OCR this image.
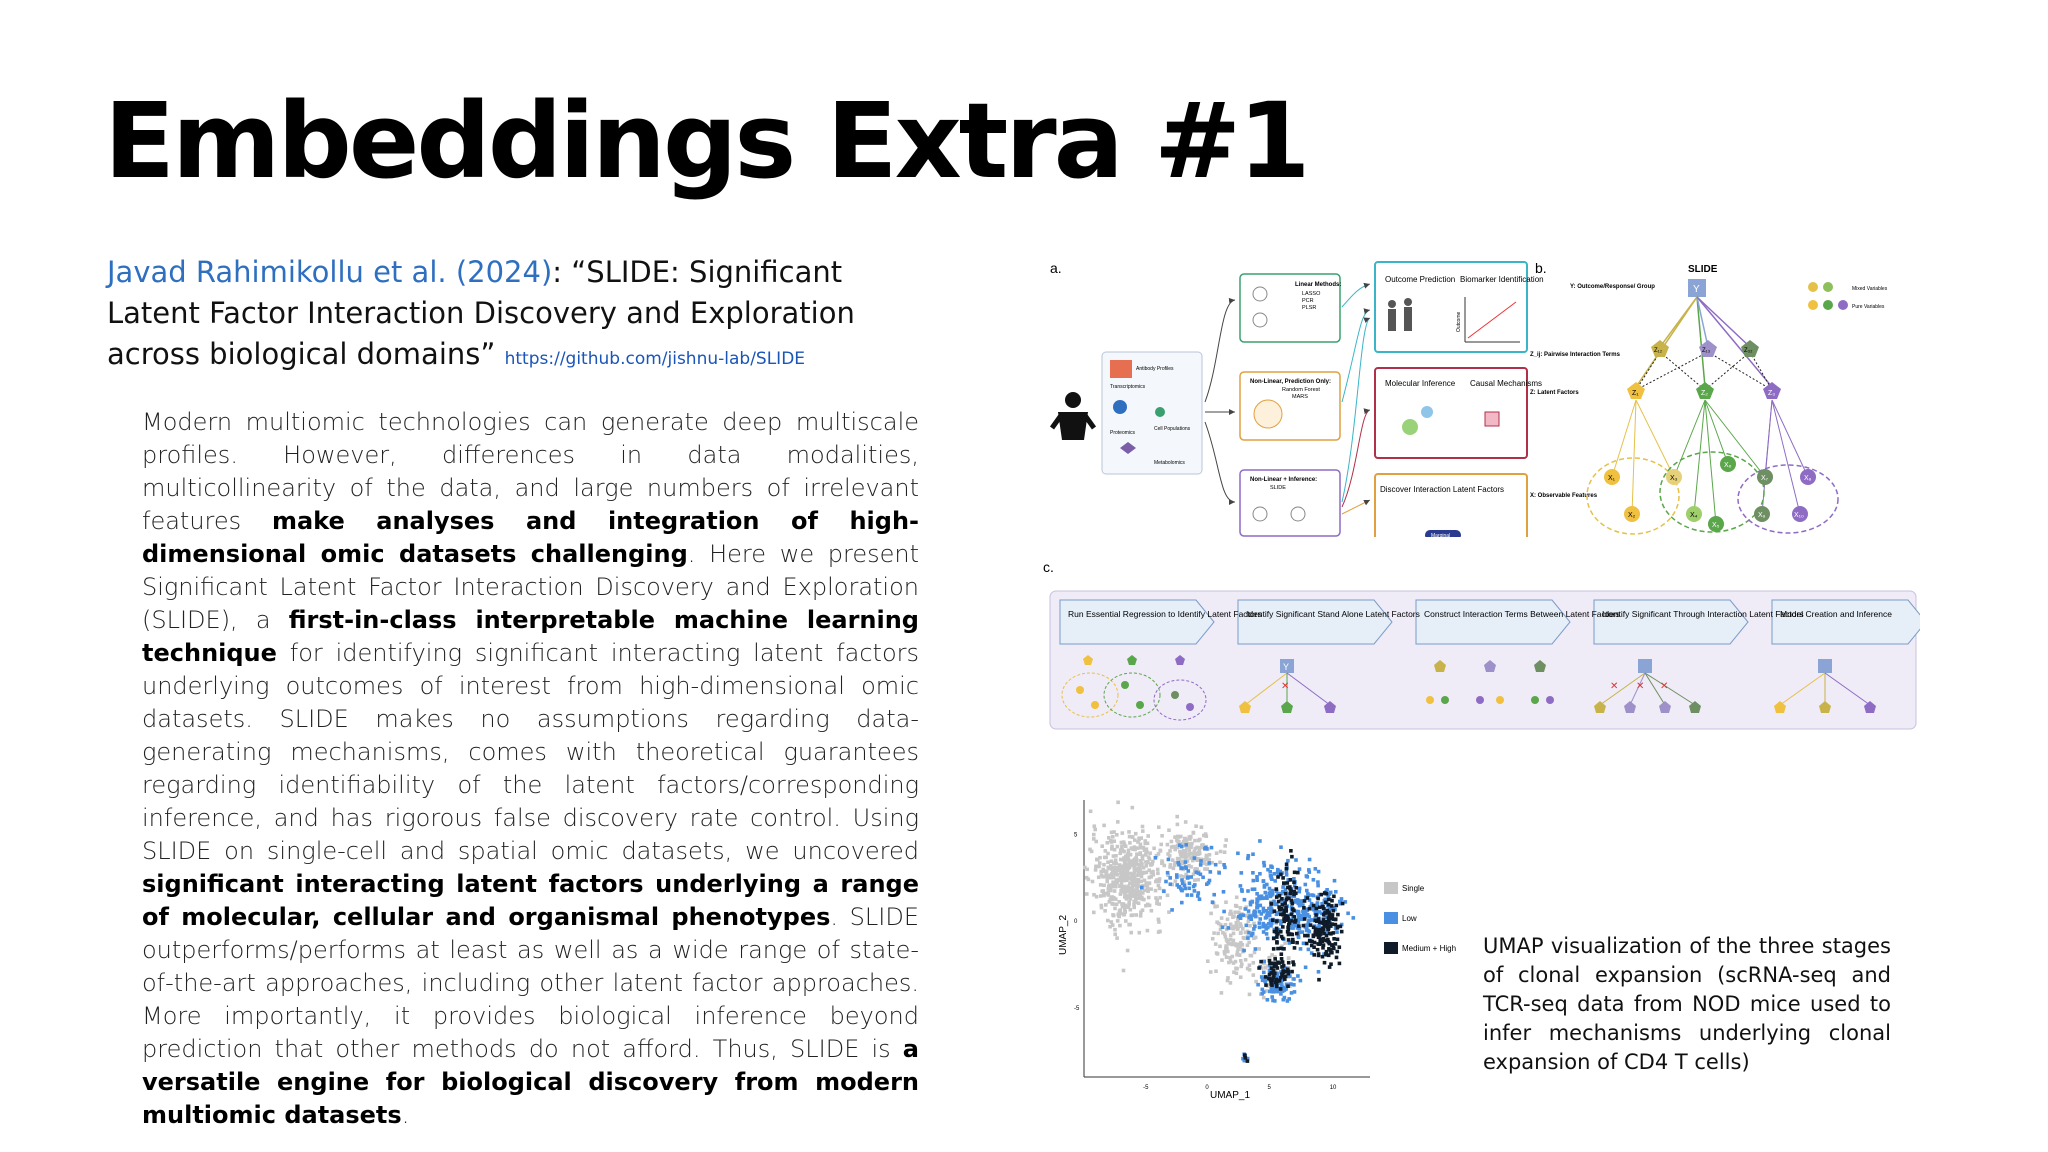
Embeddings Extra #1
Javad Rahimikollu et al. (2024): “SLIDE: Significant Latent Factor Interaction Discovery and Exploration across biological domains” https://github.com/jishnu-lab/SLIDE
Modern multiomic technologies can generate deep multiscale profiles. However, differences in data modalities, multicollinearity of the data, and large numbers of irrelevant features make analyses and integration of high-dimensional omic datasets challenging. Here we present Significant Latent Factor Interaction Discovery and Exploration (SLIDE), a first-in-class interpretable machine learning technique for identifying significant interacting latent factors underlying outcomes of interest from high-dimensional omic datasets. SLIDE makes no assumptions regarding data-generating mechanisms, comes with theoretical guarantees regarding identifiability of the latent factors/corresponding inference, and has rigorous false discovery rate control. Using SLIDE on single-cell and spatial omic datasets, we uncovered significant interacting latent factors underlying a range of molecular, cellular and organismal phenotypes. SLIDE outperforms/performs at least as well as a wide range of state-of-the-art approaches, including other latent factor approaches. More importantly, it provides biological inference beyond prediction that other methods do not afford. Thus, SLIDE is a versatile engine for biological discovery from modern multiomic datasets.
a.
Antibody Profiles
Transcriptomics
Cell Populations
Proteomics
Metabolomics
Linear Methods:
LASSO
PCR
PLSR
Non-Linear, Prediction Only:
Random Forest
MARS
Non-Linear + Inference:
SLIDE
Outcome Prediction Biomarker Identification
Outcome
Molecular Inference Causal Mechanisms
Discover Interaction Latent Factors
Marginal
b.	SLIDE
Y: Outcome/Response/ Group	Y	Mixed Variables
Pure Variables
Z_ij: Pairwise Interaction Terms
Z: Latent Factors
X: Observable Features
Z₁₂	Z₁₃	Z₃₂
Z₁	Z₂	Z₃
X₁
X₂
X₃
X₄
X₅
X₆
X₇	X₈
X₉	X₁₀
c.
Run Essential Regression to Identify Latent Factors
Identify Significant Stand Alone Latent Factors Construct Interaction Terms Between Latent Factors
Identify Significant Through Interaction Latent Factors
Model Creation and Inference
Y
✕	✕ ✕ ✕
-5	0	5	10
5
0
-5
UMAP_1
UMAP_2
Single
Low
Medium + High UMAP visualization of the three stages of clonal expansion (scRNA-seq and TCR-seq data from NOD mice used to infer mechanisms underlying clonal expansion of CD4 T cells)
